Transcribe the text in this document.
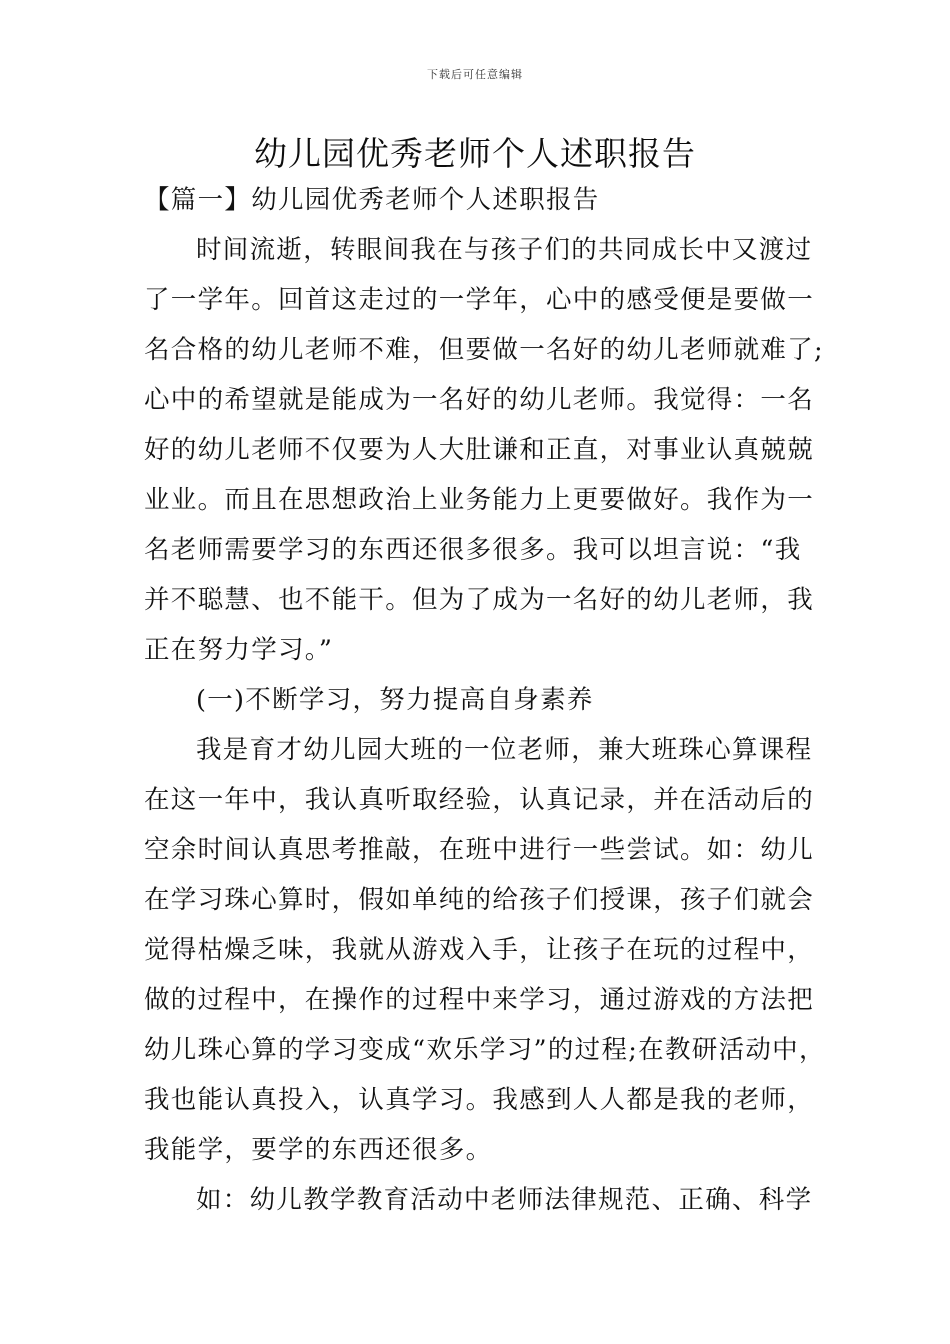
下载后可任意编辑
幼儿园优秀老师个人述职报告
【篇一】幼儿园优秀老师个人述职报告
时间流逝，转眼间我在与孩子们的共同成长中又渡过
了一学年。回首这走过的一学年，心中的感受便是要做一
名合格的幼儿老师不难，但要做一名好的幼儿老师就难了;
心中的希望就是能成为一名好的幼儿老师。我觉得：一名
好的幼儿老师不仅要为人大肚谦和正直，对事业认真兢兢
业业。而且在思想政治上业务能力上更要做好。我作为一
名老师需要学习的东西还很多很多。我可以坦言说：“我
并不聪慧、也不能干。但为了成为一名好的幼儿老师，我
正在努力学习。”
(一)不断学习，努力提高自身素养
我是育才幼儿园大班的一位老师，兼大班珠心算课程
在这一年中，我认真听取经验，认真记录，并在活动后的
空余时间认真思考推敲，在班中进行一些尝试。如：幼儿
在学习珠心算时，假如单纯的给孩子们授课，孩子们就会
觉得枯燥乏味，我就从游戏入手，让孩子在玩的过程中，
做的过程中，在操作的过程中来学习，通过游戏的方法把
幼儿珠心算的学习变成“欢乐学习”的过程;在教研活动中，
我也能认真投入，认真学习。我感到人人都是我的老师，
我能学，要学的东西还很多。
如：幼儿教学教育活动中老师法律规范、正确、科学
